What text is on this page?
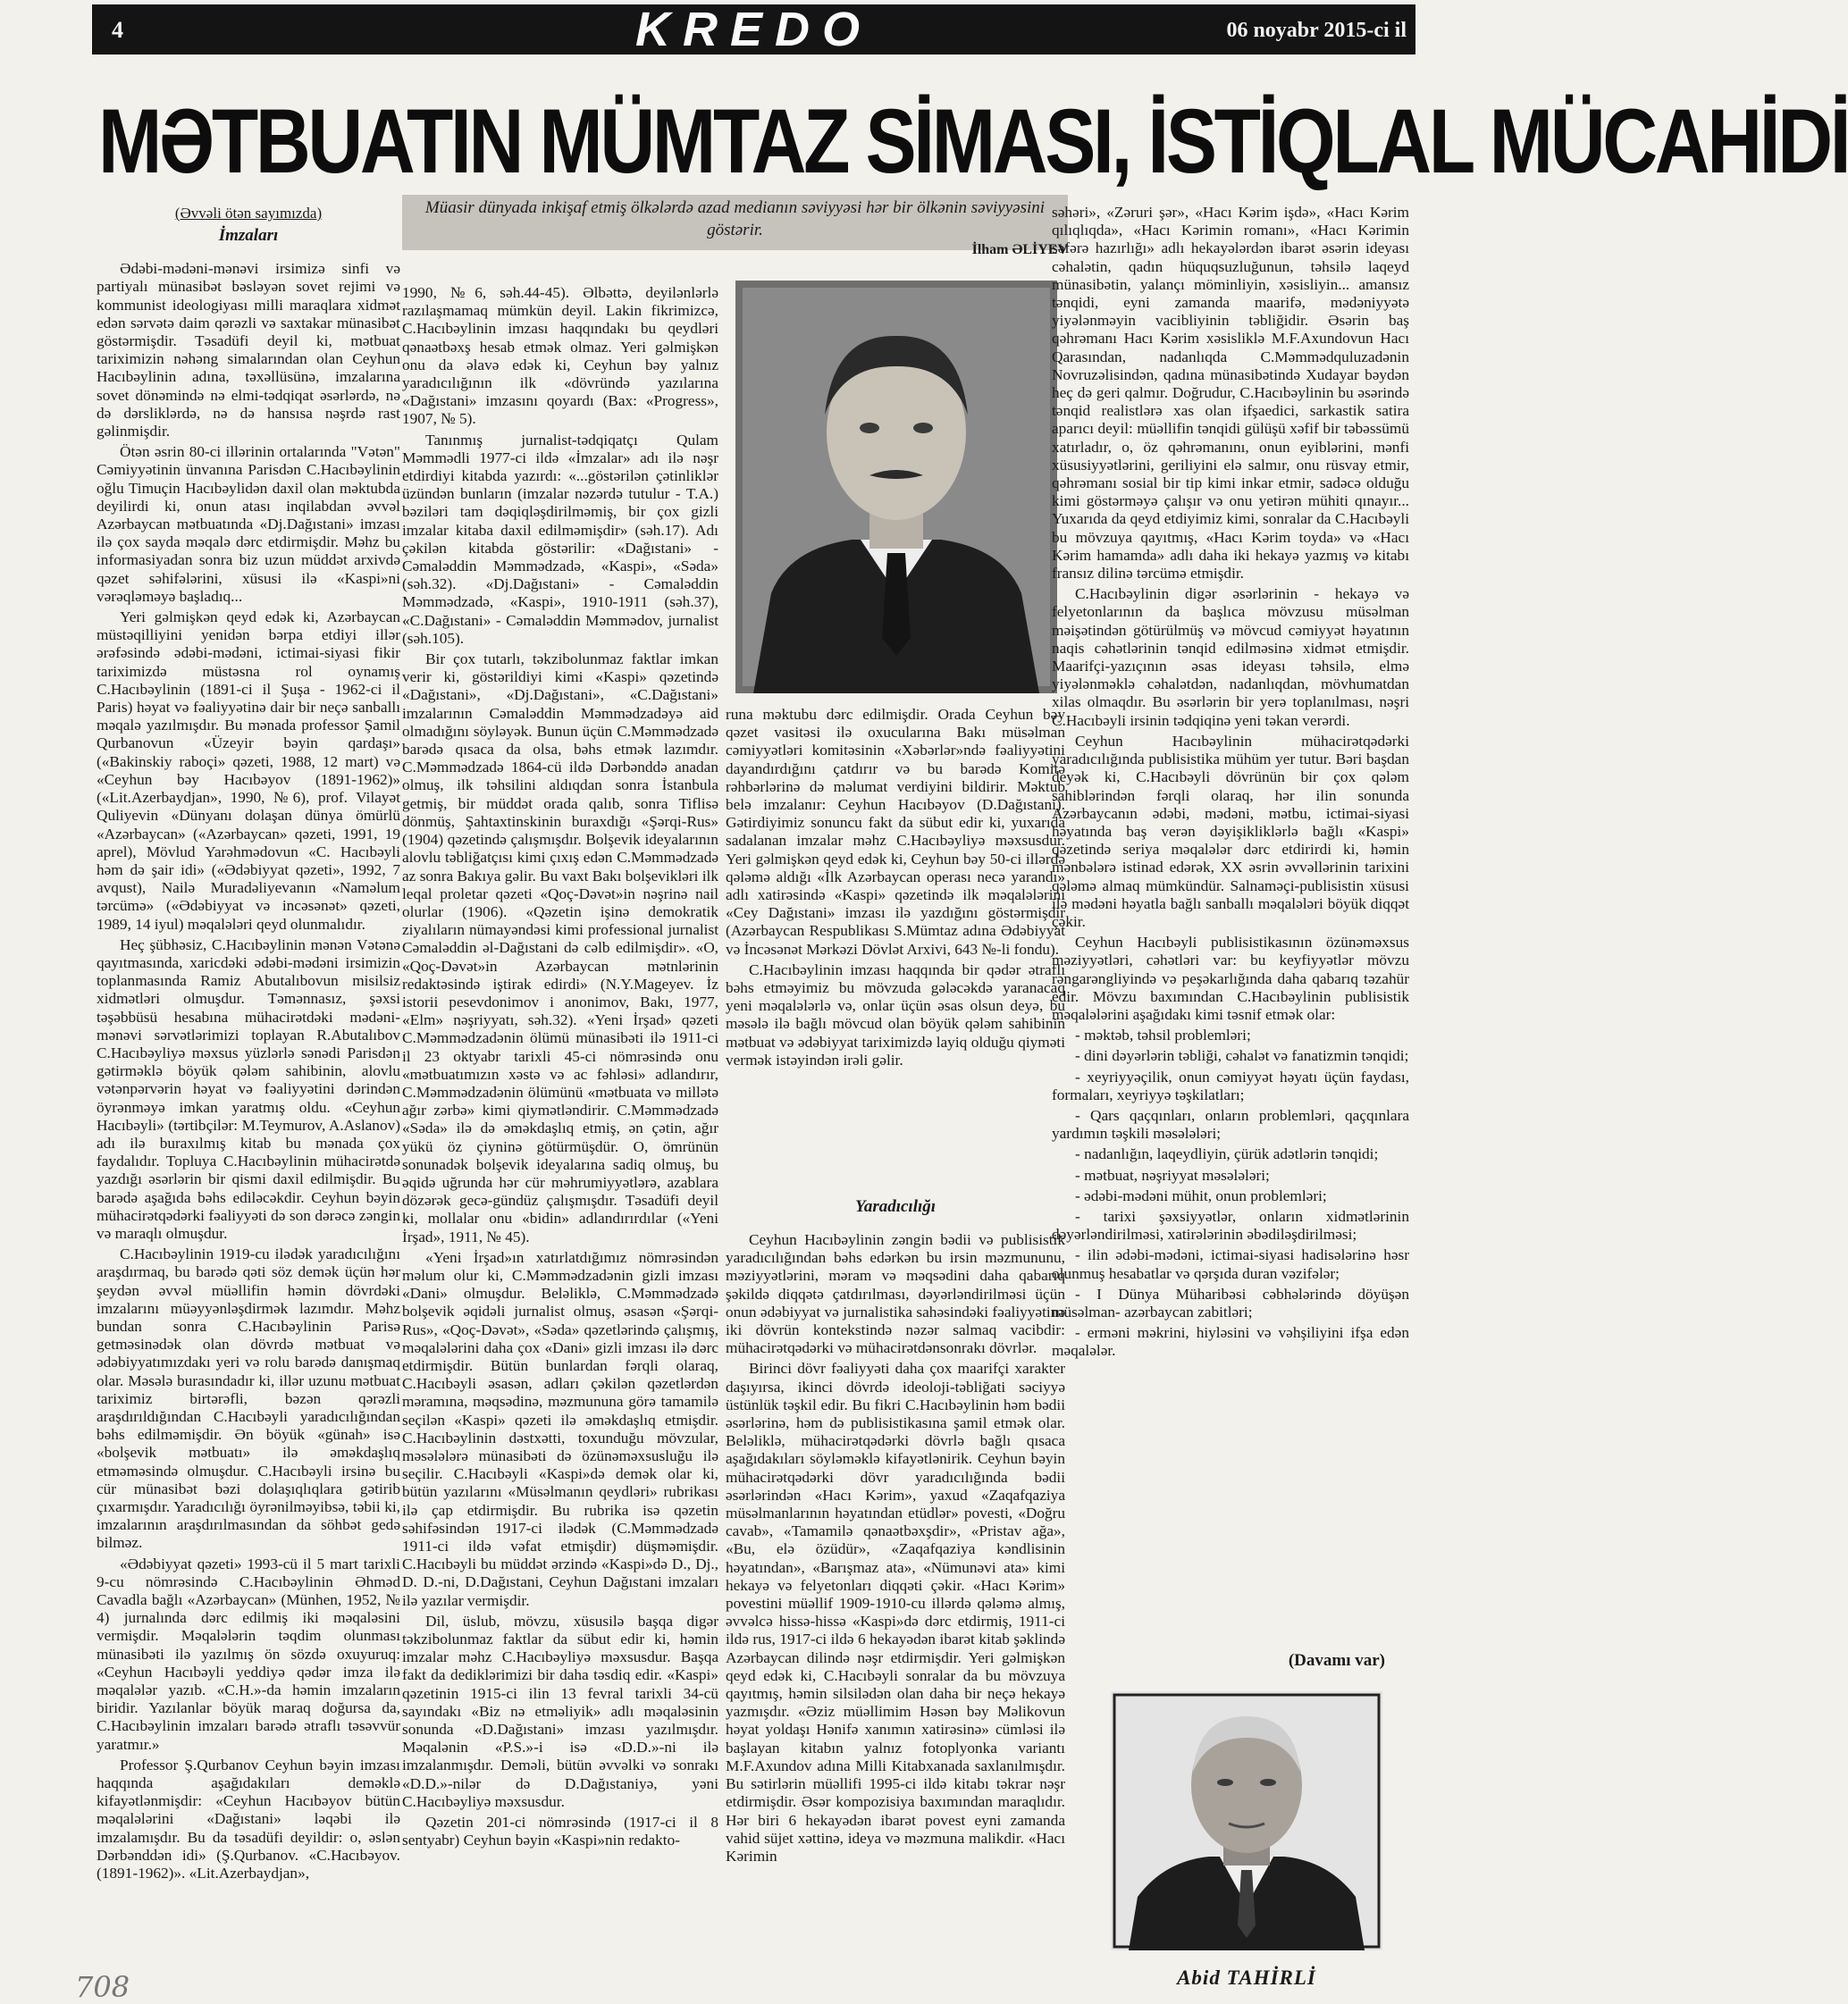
4	KREDO	06 noyabr 2015-ci il
MƏTBUATIN MÜMTAZ SİMASI, İSTİQLAL MÜCAHİDİ
Müasir dünyada inkişaf etmiş ölkələrdə azad medianın səviyyəsi hər bir ölkənin səviyyəsini göstərir.
İlham ƏLİYEV

(Əvvəli ötən sayımızda)

İmzaları

Ədəbi-mədəni-mənəvi irsimizə sinfi və partiyalı münasibət bəsləyən sovet rejimi və kommunist ideologiyası milli maraqlara xidmət edən sərvətə daim qərəzli və saxtakar münasibət göstərmişdir. Təsadüfi deyil ki, mətbuat tariximizin nəhəng simalarından olan Ceyhun Hacıbəylinin adına, təxəllüsünə, imzalarına sovet dönəmində nə elmi-tədqiqat əsərlərdə, nə də dərsliklərdə, nə də hansısa nəşrdə rast gəlinmişdir.

Ötən əsrin 80-ci illərinin ortalarında "Vətən" Cəmiyyətinin ünvanına Parisdən C.Hacıbəylinin oğlu Timuçin Hacıbəylidən daxil olan məktubda deyilirdi ki, onun atası inqilabdan əvvəl Azərbaycan mətbuatında «Dj.Dağıstani» imzası ilə çox sayda məqalə dərc etdirmişdir. Məhz bu informasiyadan sonra biz uzun müddət arxivdə qəzet səhifələrini, xüsusi ilə «Kaspi»ni vərəqləməyə başladıq...

Yeri gəlmişkən qeyd edək ki, Azərbaycan müstəqilliyini yenidən bərpa etdiyi illər ərəfəsində ədəbi-mədəni, ictimai-siyasi fikir tariximizdə müstəsna rol oynamış C.Hacıbəylinin (1891-ci il Şuşa - 1962-ci il Paris) həyat və fəaliyyətinə dair bir neçə sanballı məqalə yazılmışdır. Bu mənada professor Şamil Qurbanovun «Üzeyir bəyin qardaşı» («Bakinskiy raboçi» qəzeti, 1988, 12 mart) və «Ceyhun bəy Hacıbəyov (1891-1962)» («Lit.Azerbaydjan», 1990, №6), prof. Vilayət Quliyevin «Dünyanı dolaşan dünya ömürlü «Azərbaycan» («Azərbaycan» qəzeti, 1991, 19 aprel), Mövlud Yarəhmədovun «C. Hacıbəyli həm də şair idi» («Ədəbiyyat qəzeti», 1992, 7 avqust), Nailə Muradəliyevanın «Naməlum tərcümə» («Ədəbiyyat və incəsənət» qəzeti, 1989, 14 iyul) məqalələri qeyd olunmalıdır.

Heç şübhəsiz, C.Hacıbəylinin mənən Vətənə qayıtmasında, xaricdəki ədəbi-mədəni irsimizin toplanmasında Ramiz Abutalıbovun misilsiz xidmətləri olmuşdur. Təmənnasız, şəxsi təşəbbüsü hesabına mühacirətdəki mədəni-mənəvi sərvətlərimizi toplayan R.Abutalıbov C.Hacıbəyliyə məxsus yüzlərlə sənədi Parisdən gətirməklə böyük qələm sahibinin, alovlu vətənpərvərin həyat və fəaliyyətini dərindən öyrənməyə imkan yaratmış oldu. «Ceyhun Hacıbəyli» (tərtibçilər: M.Teymurov, A.Aslanov) adı ilə buraxılmış kitab bu mənada çox faydalıdır. Topluya C.Hacıbəylinin mühacirətdə yazdığı əsərlərin bir qismi daxil edilmişdir. Bu barədə aşağıda bəhs ediləcəkdir. Ceyhun bəyin mühacirətqədərki fəaliyyəti də son dərəcə zəngin və maraqlı olmuşdur.

C.Hacıbəylinin 1919-cu ilədək yaradıcılığını araşdırmaq, bu barədə qəti söz demək üçün hər şeydən əvvəl müəllifin həmin dövrdəki imzalarını müəyyənləşdirmək lazımdır. Məhz bundan sonra C.Hacıbəylinin Parisə getməsinədək olan dövrdə mətbuat və ədəbiyyatımızdakı yeri və rolu barədə danışmaq olar. Məsələ burasındadır ki, illər uzunu mətbuat tariximiz birtərəfli, bəzən qərəzli araşdırıldığından C.Hacıbəyli yaradıcılığından bəhs edilməmişdir. Ən böyük «günah» isə «bolşevik mətbuatı» ilə əməkdaşlıq etməməsində olmuşdur. C.Hacıbəyli irsinə bu cür münasibət bəzi dolaşıqlıqlara gətirib çıxarmışdır. Yaradıcılığı öyrənilməyibsə, təbii ki, imzalarının araşdırılmasından da söhbət gedə bilməz.

«Ədəbiyyat qəzeti» 1993-cü il 5 mart tarixli 9-cu nömrəsində C.Hacıbəylinin Əhməd Cavadla bağlı «Azərbaycan» (Münhen, 1952, № 4) jurnalında dərc edilmiş iki məqaləsini vermişdir. Məqalələrin təqdim olunması münasibəti ilə yazılmış ön sözdə oxuyuruq: «Ceyhun Hacıbəyli yeddiyə qədər imza ilə məqalələr yazıb. «C.H.»-da həmin imzaların biridir. Yazılanlar böyük maraq doğursa da, C.Hacıbəylinin imzaları barədə ətraflı təsəvvür yaratmır.»

Professor Ş.Qurbanov Ceyhun bəyin imzası haqqında aşağıdakıları deməklə kifayətlənmişdir: «Ceyhun Hacıbəyov bütün məqalələrini «Dağıstani» ləqəbi ilə imzalamışdır. Bu da təsadüfi deyildir: o, əslən Dərbənddən idi» (Ş.Qurbanov. «C.Hacıbəyov. (1891-1962)». «Lit.Azerbaydjan»,

1990, №6, səh.44-45). Əlbəttə, deyilənlərlə razılaşmamaq mümkün deyil. Lakin fikrimizcə, C.Hacıbəylinin imzası haqqındakı bu qeydləri qənaətbəxş hesab etmək olmaz. Yeri gəlmişkən onu da əlavə edək ki, Ceyhun bəy yalnız yaradıcılığının ilk «dövründə yazılarına «Dağıstani» imzasını qoyardı (Bax: «Progress», 1907, № 5).

Tanınmış jurnalist-tədqiqatçı Qulam Məmmədli 1977-ci ildə «İmzalar» adı ilə nəşr etdirdiyi kitabda yazırdı: «...göstərilən çətinliklər üzündən bunların (imzalar nəzərdə tutulur - T.A.) bəziləri tam dəqiqləşdirilməmiş, bir çox gizli imzalar kitaba daxil edilməmişdir» (səh.17). Adı çəkilən kitabda göstərilir: «Dağıstani» - Cəmaləddin Məmmədzadə, «Kaspi», «Səda» (səh.32). «Dj.Dağıstani» - Cəmaləddin Məmmədzadə, «Kaspi», 1910-1911 (səh.37), «C.Dağıstani» - Cəmaləddin Məmmədov, jurnalist (səh.105).

Bir çox tutarlı, təkzibolunmaz faktlar imkan verir ki, göstərildiyi kimi «Kaspi» qəzetində «Dağıstani», «Dj.Dağıstani», «C.Dağıstani» imzalarının Cəmaləddin Məmmədzadəyə aid olmadığını söyləyək. Bunun üçün C.Məmmədzadə barədə qısaca da olsa, bəhs etmək lazımdır. C.Məmmədzadə 1864-cü ildə Dərbənddə anadan olmuş, ilk təhsilini aldıqdan sonra İstanbula getmiş, bir müddət orada qalıb, sonra Tiflisə dönmüş, Şahtaxtinskinin buraxdığı «Şərqi-Rus» (1904) qəzetində çalışmışdır. Bolşevik ideyalarının alovlu təbliğatçısı kimi çıxış edən C.Məmmədzadə az sonra Bakıya gəlir. Bu vaxt Bakı bolşevikləri ilk leqal proletar qəzeti «Qoç-Dəvət»in nəşrinə nail olurlar (1906). «Qəzetin işinə demokratik ziyalıların nümayəndəsi kimi professional jurnalist Cəmaləddin əl-Dağıstani də cəlb edilmişdir». «O, «Qoç-Dəvət»in Azərbaycan mətnlərinin redaktəsində iştirak edirdi» (N.Y.Mageyev. İz istorii pesevdonimov i anonimov, Bakı, 1977, «Elm» nəşriyyatı, səh.32). «Yeni İrşad» qəzeti C.Məmmədzadənin ölümü münasibəti ilə 1911-ci il 23 oktyabr tarixli 45-ci nömrəsində onu «mətbuatımızın xəstə və ac fəhləsi» adlandırır, C.Məmmədzadənin ölümünü «mətbuata və millətə ağır zərbə» kimi qiymətləndirir. C.Məmmədzadə «Səda» ilə də əməkdaşlıq etmiş, ən çətin, ağır yükü öz çiyninə götürmüşdür. O, ömrünün sonunadək bolşevik ideyalarına sadiq olmuş, bu əqidə uğrunda hər cür məhrumiyyətlərə, azablara dözərək gecə-gündüz çalışmışdır. Təsadüfi deyil ki, mollalar onu «bidin» adlandırırdılar («Yeni İrşad», 1911, № 45).

«Yeni İrşad»ın xatırlatdığımız nömrəsindən məlum olur ki, C.Məmmədzadənin gizli imzası «Dani» olmuşdur. Beləliklə, C.Məmmədzadə bolşevik əqidəli jurnalist olmuş, əsasən «Şərqi-Rus», «Qoç-Dəvət», «Səda» qəzetlərində çalışmış, məqalələrini daha çox «Dani» gizli imzası ilə dərc etdirmişdir. Bütün bunlardan fərqli olaraq, C.Hacıbəyli əsasən, adları çəkilən qəzetlərdən məramına, məqsədinə, məzmununa görə tamamilə seçilən «Kaspi» qəzeti ilə əməkdaşlıq etmişdir. C.Hacıbəylinin dəstxətti, toxunduğu mövzular, məsələlərə münasibəti də özünəməxsusluğu ilə seçilir. C.Hacıbəyli «Kaspi»də demək olar ki, bütün yazılarını «Müsəlmanın qeydləri» rubrikası ilə çap etdirmişdir. Bu rubrika isə qəzetin səhifəsindən 1917-ci ilədək (C.Məmmədzadə 1911-ci ildə vəfat etmişdir) düşməmişdir. C.Hacıbəyli bu müddət ərzində «Kaspi»də D., Dj., D. D.-ni, D.Dağıstani, Ceyhun Dağıstani imzaları ilə yazılar vermişdir.

Dil, üslub, mövzu, xüsusilə başqa digər təkzibolunmaz faktlar da sübut edir ki, həmin imzalar məhz C.Hacıbəyliyə məxsusdur. Başqa fakt da dediklərimizi bir daha təsdiq edir. «Kaspi» qəzetinin 1915-ci ilin 13 fevral tarixli 34-cü sayındakı «Biz nə etməliyik» adlı məqaləsinin sonunda «D.Dağıstani» imzası yazılmışdır. Məqalənin «P.S.»-i isə «D.D.»-ni ilə imzalanmışdır. Deməli, bütün əvvəlki və sonrakı «D.D.»-nilər də D.Dağıstaniyə, yəni C.Hacıbəyliyə məxsusdur.

Qəzetin 201-ci nömrəsində (1917-ci il 8 sentyabr) Ceyhun bəyin «Kaspi»nin redakto-

runa məktubu dərc edilmişdir. Orada Ceyhun bəy qəzet vasitəsi ilə oxucularına Bakı müsəlman cəmiyyətləri komitəsinin «Xəbərlər»ndə fəaliyyətini dayandırdığını çatdırır və bu barədə Komitə rəhbərlərinə də məlumat verdiyini bildirir. Məktub belə imzalanır: Ceyhun Hacıbəyov (D.Dağıstani). Gətirdiyimiz sonuncu fakt da sübut edir ki, yuxarıda sadalanan imzalar məhz C.Hacıbəyliyə məxsusdur. Yeri gəlmişkən qeyd edək ki, Ceyhun bəy 50-ci illərdə qələmə aldığı «İlk Azərbaycan operası necə yarandı» adlı xatirəsində «Kaspi» qəzetində ilk məqalələrini «Cey Dağıstani» imzası ilə yazdığını göstərmişdir (Azərbaycan Respublikası S.Mümtaz adına Ədəbiyyat və İncəsənət Mərkəzi Dövlət Arxivi, 643 №-li fondu).

C.Hacıbəylinin imzası haqqında bir qədər ətraflı bəhs etməyimiz bu mövzuda gələcəkdə yaranacaq yeni məqalələrlə və, onlar üçün əsas olsun deyə, bu məsələ ilə bağlı mövcud olan böyük qələm sahibinin mətbuat və ədəbiyyat tariximizdə layiq olduğu qiyməti vermək istəyindən irəli gəlir.

Yaradıcılığı

Ceyhun Hacıbəylinin zəngin bədii və publisistik yaradıcılığından bəhs edərkən bu irsin məzmununu, məziyyətlərini, məram və məqsədini daha qabarıq şəkildə diqqətə çatdırılması, dəyərləndirilməsi üçün onun ədəbiyyat və jurnalistika sahəsindəki fəaliyyətinə iki dövrün kontekstində nəzər salmaq vacibdir: mühacirətqədərki və mühacirətdənsonrakı dövrlər.

Birinci dövr fəaliyyəti daha çox maarifçi xarakter daşıyırsa, ikinci dövrdə ideoloji-təbliğati səciyyə üstünlük təşkil edir. Bu fikri C.Hacıbəylinin həm bədii əsərlərinə, həm də publisistikasına şamil etmək olar. Beləliklə, mühacirətqədərki dövrlə bağlı qısaca aşağıdakıları söyləməklə kifayətlənirik. Ceyhun bəyin mühacirətqədərki dövr yaradıcılığında bədii əsərlərindən «Hacı Kərim», yaxud «Zaqafqaziya müsəlmanlarının həyatından etüdlər» povesti, «Doğru cavab», «Tamamilə qənaətbəxşdir», «Pristav ağa», «Bu, elə özüdür», «Zaqafqaziya kəndlisinin həyatından», «Barışmaz ata», «Nümunəvi ata» kimi hekayə və felyetonları diqqəti çəkir. «Hacı Kərim» povestini müəllif 1909-1910-cu illərdə qələmə almış, əvvəlcə hissə-hissə «Kaspi»də dərc etdirmiş, 1911-ci ildə rus, 1917-ci ildə 6 hekayədən ibarət kitab şəklində Azərbaycan dilində nəşr etdirmişdir. Yeri gəlmişkən qeyd edək ki, C.Hacıbəyli sonralar da bu mövzuya qayıtmış, həmin silsilədən olan daha bir neçə hekayə yazmışdır. «Əziz müəllimim Həsən bəy Məlikovun həyat yoldaşı Hənifə xanımın xatirəsinə» cümləsi ilə başlayan kitabın yalnız fotoplyonka variantı M.F.Axundov adına Milli Kitabxanada saxlanılmışdır. Bu sətirlərin müəllifi 1995-ci ildə kitabı təkrar nəşr etdirmişdir. Əsər kompozisiya baxımından maraqlıdır. Hər biri 6 hekayədən ibarət povest eyni zamanda vahid süjet xəttinə, ideya və məzmuna malikdir. «Hacı Kərimin

səhəri», «Zəruri şər», «Hacı Kərim işdə», «Hacı Kərim qılıqlıqda», «Hacı Kərimin romanı», «Hacı Kərimin səfərə hazırlığı» adlı hekayələrdən ibarət əsərin ideyası cəhalətin, qadın hüquqsuzluğunun, təhsilə laqeyd münasibətin, yalançı möminliyin, xəsisliyin... amansız tənqidi, eyni zamanda maarifə, mədəniyyətə yiyələnməyin vacibliyinin təbliğidir. Əsərin baş qəhrəmanı Hacı Kərim xəsisliklə M.F.Axundovun Hacı Qarasından, nadanlıqda C.Məmmədquluzadənin Novruzəlisindən, qadına münasibətində Xudayar bəydən heç də geri qalmır. Doğrudur, C.Hacıbəylinin bu əsərində tənqid realistlərə xas olan ifşaedici, sarkastik satira aparıcı deyil: müəllifin tənqidi gülüşü xəfif bir təbəssümü xatırladır, o, öz qəhrəmanını, onun eyiblərini, mənfi xüsusiyyətlərini, geriliyini elə salmır, onu rüsvay etmir, qəhrəmanı sosial bir tip kimi inkar etmir, sadəcə olduğu kimi göstərməyə çalışır və onu yetirən mühiti qınayır... Yuxarıda da qeyd etdiyimiz kimi, sonralar da C.Hacıbəyli bu mövzuya qayıtmış, «Hacı Kərim toyda» və «Hacı Kərim hamamda» adlı daha iki hekayə yazmış və kitabı fransız dilinə tərcümə etmişdir.

C.Hacıbəylinin digər əsərlərinin - hekayə və felyetonlarının da başlıca mövzusu müsəlman məişətindən götürülmüş və mövcud cəmiyyət həyatının naqis cəhətlərinin tənqid edilməsinə xidmət etmişdir. Maarifçi-yazıçının əsas ideyası təhsilə, elmə yiyələnməklə cəhalətdən, nadanlıqdan, mövhumatdan xilas olmaqdır. Bu əsərlərin bir yerə toplanılması, nəşri C.Hacıbəyli irsinin tədqiqinə yeni təkan verərdi.

Ceyhun Hacıbəylinin mühacirətqədərki yaradıcılığında publisistika mühüm yer tutur. Bəri başdan deyək ki, C.Hacıbəyli dövrünün bir çox qələm sahiblərindən fərqli olaraq, hər ilin sonunda Azərbaycanın ədəbi, mədəni, mətbu, ictimai-siyasi həyatında baş verən dəyişikliklərlə bağlı «Kaspi» qəzetində seriya məqalələr dərc etdirirdi ki, həmin mənbələrə istinad edərək, XX əsrin əvvəllərinin tarixini qələmə almaq mümkündür. Salnaməçi-publisistin xüsusi ilə mədəni həyatla bağlı sanballı məqalələri böyük diqqət çəkir.

Ceyhun Hacıbəyli publisistikasının özünəməxsus məziyyətləri, cəhətləri var: bu keyfiyyətlər mövzu rəngarəngliyində və peşəkarlığında daha qabarıq təzahür edir. Mövzu baxımından C.Hacıbəylinin publisistik məqalələrini aşağıdakı kimi təsnif etmək olar:

- məktəb, təhsil problemləri;

- dini dəyərlərin təbliği, cəhalət və fanatizmin tənqidi;

- xeyriyyəçilik, onun cəmiyyət həyatı üçün faydası, formaları, xeyriyyə təşkilatları;

- Qars qaçqınları, onların problemləri, qaçqınlara yardımın təşkili məsələləri;

- nadanlığın, laqeydliyin, çürük adətlərin tənqidi;

- mətbuat, nəşriyyat məsələləri;

- ədəbi-mədəni mühit, onun problemləri;

- tarixi şəxsiyyətlər, onların xidmətlərinin dəyərləndirilməsi, xatirələrinin əbədiləşdirilməsi;

- ilin ədəbi-mədəni, ictimai-siyasi hadisələrinə həsr olunmuş hesabatlar və qərşıda duran vəzifələr;

- I Dünya Müharibəsi cəbhələrində döyüşən müsəlman- azərbaycan zabitləri;

- erməni məkrini, hiyləsini və vəhşiliyini ifşa edən məqalələr.

(Davamı var)
Abid TAHİRLİ
708
